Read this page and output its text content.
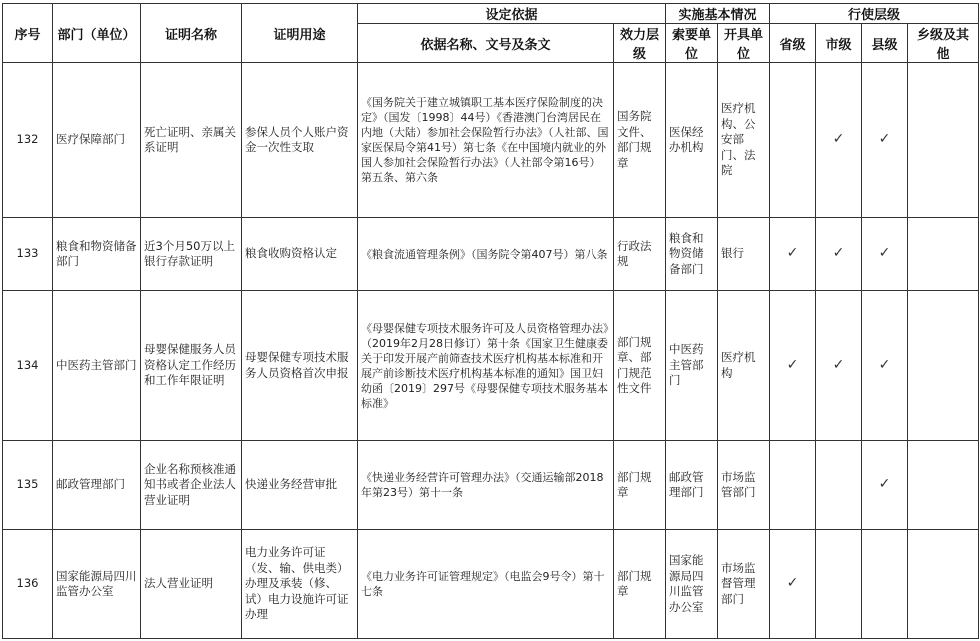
序号	部门（单位）	证明名称	证明用途	设定依据		实施基本情况		行使层级			
				依据名称、文号及条文	效力层级	索要单位	开具单位	省级	市级	县级	乡级及其他
132	医疗保障部门	死亡证明、亲属关系证明	参保人员个人账户资金一次性支取	《国务院关于建立城镇职工基本医疗保险制度的决定》（国发〔1998〕44号）《香港澳门台湾居民在内地（大陆）参加社会保险暂行办法》（人社部、国家医保局令第41号）第七条《在中国境内就业的外国人参加社会保险暂行办法》（人社部令第16号）第五条、第六条	国务院文件、部门规章	医保经办机构	医疗机构、公安部门、法院		✓	✓	
133	粮食和物资储备部门	近3个月50万以上银行存款证明	粮食收购资格认定	《粮食流通管理条例》（国务院令第407号）第八条	行政法规	粮食和物资储备部门	银行	✓	✓	✓	
134	中医药主管部门	母婴保健服务人员资格认定工作经历和工作年限证明	母婴保健专项技术服务人员资格首次申报	《母婴保健专项技术服务许可及人员资格管理办法》（2019年2月28日修订）第十条《国家卫生健康委关于印发开展产前筛查技术医疗机构基本标准和开展产前诊断技术医疗机构基本标准的通知》国卫妇幼函〔2019〕297号《母婴保健专项技术服务基本标准》	部门规章、部门规范性文件	中医药主管部门	医疗机构	✓	✓	✓	
135	邮政管理部门	企业名称预核准通知书或者企业法人营业证明	快递业务经营审批	《快递业务经营许可管理办法》（交通运输部2018年第23号）第十一条	部门规章	邮政管理部门	市场监管部门			✓	
136	国家能源局四川监管办公室	法人营业证明	电力业务许可证（发、输、供电类）办理及承装（修、试）电力设施许可证办理	《电力业务许可证管理规定》（电监会9号令）第十七条	部门规章	国家能源局四川监管办公室	市场监督管理部门	✓			
